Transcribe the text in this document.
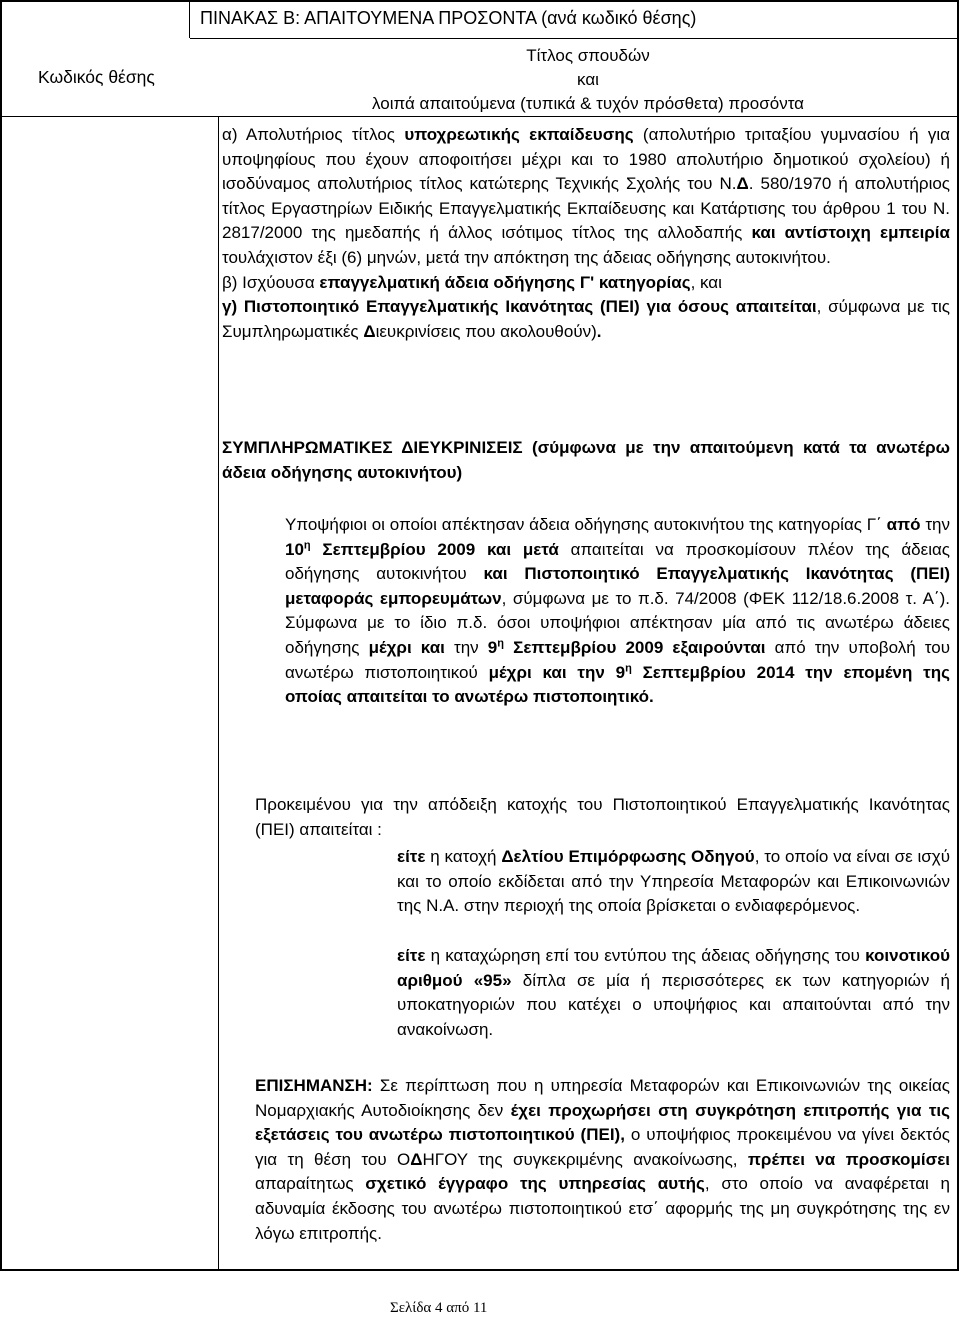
ΠΙΝΑΚΑΣ Β: ΑΠΑΙΤΟΥΜΕΝΑ ΠΡΟΣΟΝΤΑ (ανά κωδικό θέσης)
Κωδικός θέσης
Τίτλος σπουδών
και
λοιπά απαιτούμενα (τυπικά & τυχόν πρόσθετα) προσόντα
α) Απολυτήριος τίτλος υποχρεωτικής εκπαίδευσης (απολυτήριο τριταξίου γυμνασίου ή για υποψηφίους που έχουν αποφοιτήσει μέχρι και το 1980 απολυτήριο δημοτικού σχολείου) ή ισοδύναμος απολυτήριος τίτλος κατώτερης Τεχνικής Σχολής του Ν.Δ. 580/1970 ή απολυτήριος τίτλος Εργαστηρίων Ειδικής Επαγγελματικής Εκπαίδευσης και Κατάρτισης του άρθρου 1 του Ν. 2817/2000 της ημεδαπής ή άλλος ισότιμος τίτλος της αλλοδαπής και αντίστοιχη εμπειρία τουλάχιστον έξι (6) μηνών, μετά την απόκτηση της άδειας οδήγησης αυτοκινήτου.
β) Ισχύουσα επαγγελματική άδεια οδήγησης Γ' κατηγορίας, και
γ) Πιστοποιητικό Επαγγελματικής Ικανότητας (ΠΕΙ) για όσους απαιτείται, σύμφωνα με τις Συμπληρωματικές Διευκρινίσεις που ακολουθούν).
ΣΥΜΠΛΗΡΩΜΑΤΙΚΕΣ ΔΙΕΥΚΡΙΝΙΣΕΙΣ (σύμφωνα με την απαιτούμενη κατά τα ανωτέρω άδεια οδήγησης αυτοκινήτου)
Υποψήφιοι οι οποίοι απέκτησαν άδεια οδήγησης αυτοκινήτου της κατηγορίας Γ΄ από την $10^\eta$ Σεπτεμβρίου 2009 και μετά απαιτείται να προσκομίσουν πλέον της άδειας οδήγησης αυτοκινήτου και Πιστοποιητικό Επαγγελματικής Ικανότητας (ΠΕΙ) μεταφοράς εμπορευμάτων, σύμφωνα με το π.δ. 74/2008 (ΦΕΚ 112/18.6.2008 τ. Α΄). Σύμφωνα με το ίδιο π.δ. όσοι υποψήφιοι απέκτησαν μία από τις ανωτέρω άδειες οδήγησης μέχρι και την $9^\eta$ Σεπτεμβρίου 2009 εξαιρούνται από την υποβολή του ανωτέρω πιστοποιητικού μέχρι και την $9^\eta$ Σεπτεμβρίου 2014 την επομένη της οποίας απαιτείται το ανωτέρω πιστοποιητικό.
Προκειμένου για την απόδειξη κατοχής του Πιστοποιητικού Επαγγελματικής Ικανότητας (ΠΕΙ) απαιτείται :
είτε η κατοχή Δελτίου Επιμόρφωσης Οδηγού, το οποίο να είναι σε ισχύ και το οποίο εκδίδεται από την Υπηρεσία Μεταφορών και Επικοινωνιών της Ν.Α. στην περιοχή της οποία βρίσκεται ο ενδιαφερόμενος.
είτε η καταχώρηση επί του εντύπου της άδειας οδήγησης του κοινοτικού αριθμού «95» δίπλα σε μία ή περισσότερες εκ των κατηγοριών ή υποκατηγοριών που κατέχει ο υποψήφιος και απαιτούνται από την ανακοίνωση.
ΕΠΙΣΗΜΑΝΣΗ: Σε περίπτωση που η υπηρεσία Μεταφορών και Επικοινωνιών της οικείας Νομαρχιακής Αυτοδιοίκησης δεν έχει προχωρήσει στη συγκρότηση επιτροπής για τις εξετάσεις του ανωτέρω πιστοποιητικού (ΠΕΙ), ο υποψήφιος προκειμένου να γίνει δεκτός για τη θέση του ΟΔΗΓΟΥ της συγκεκριμένης ανακοίνωσης, πρέπει να προσκομίσει απαραίτητως σχετικό έγγραφο της υπηρεσίας αυτής, στο οποίο να αναφέρεται η αδυναμία έκδοσης του ανωτέρω πιστοποιητικού ετσ΄ αφορμής της μη συγκρότησης της εν λόγω επιτροπής.
Σελίδα 4 από 11
